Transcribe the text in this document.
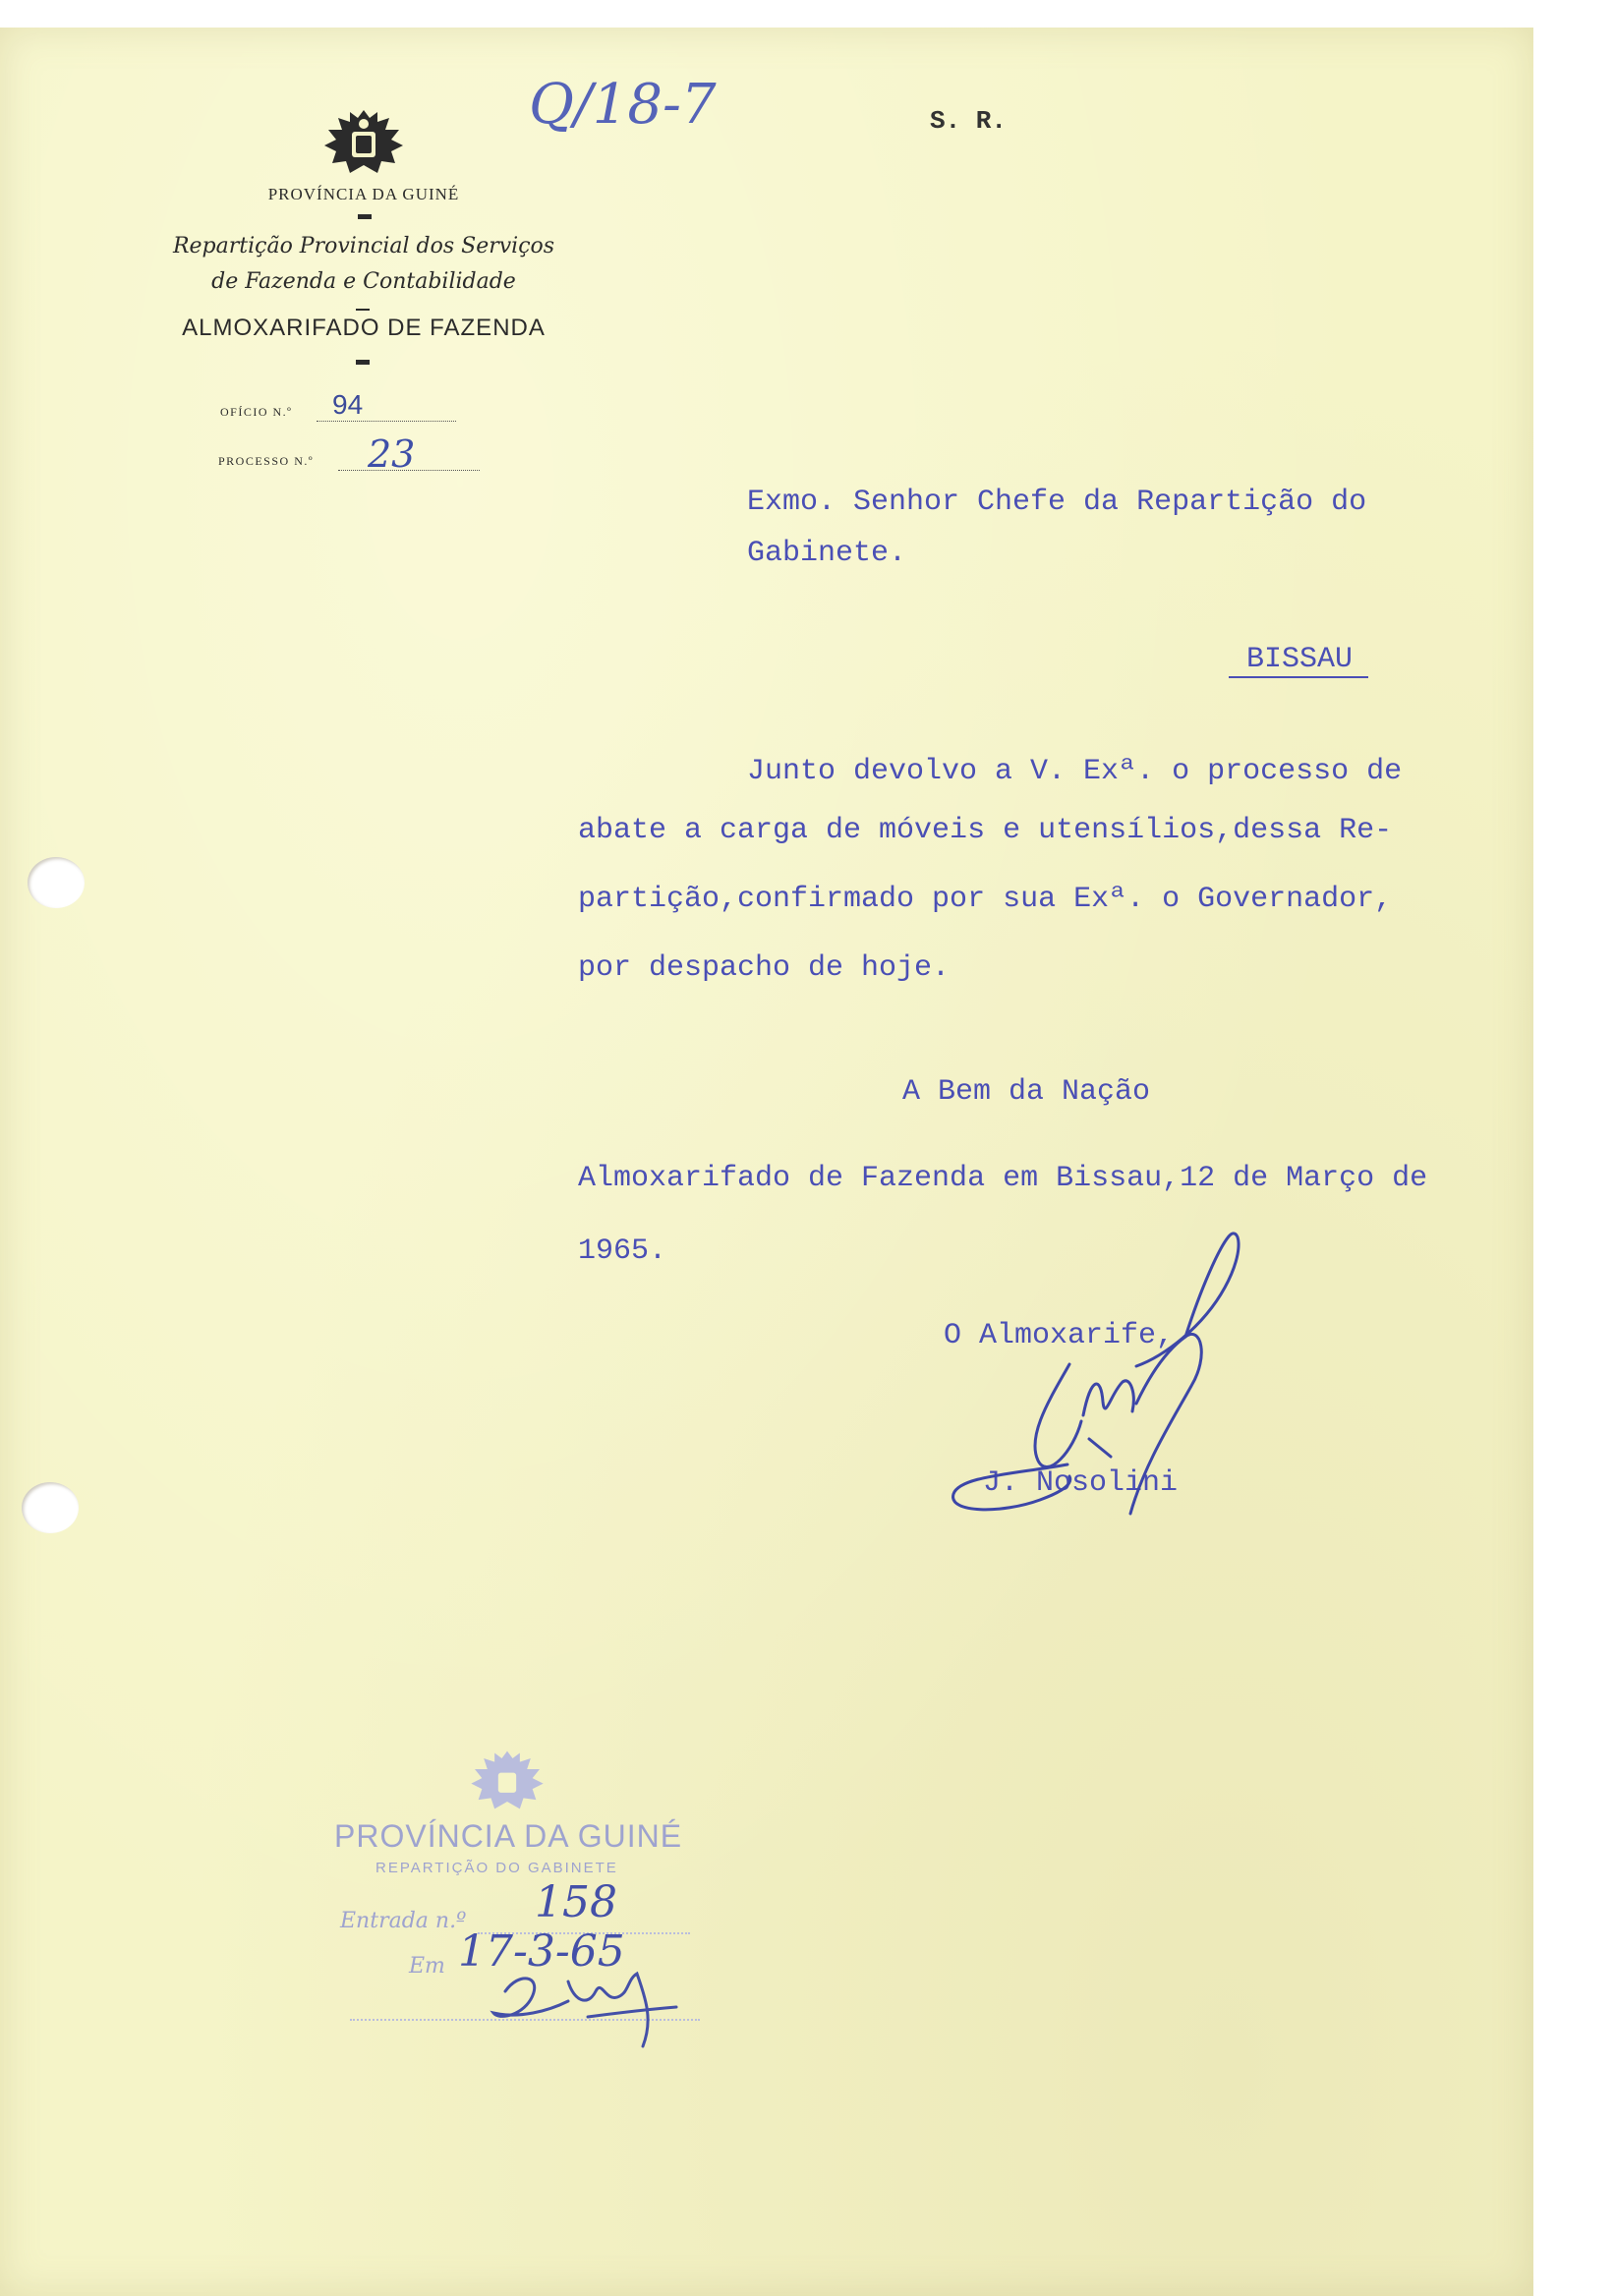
PROVÍNCIA DA GUINÉ
Repartição Provincial dos Serviços
de Fazenda e Contabilidade
ALMOXARIFADO DE FAZENDA
OFÍCIO N.º 94
PROCESSO N.º 23
Q/18-7	S. R.
Exmo. Senhor Chefe da Repartição do
Gabinete.
BISSAU
Junto devolvo a V. Exª. o processo de
abate a carga de móveis e utensílios,dessa Re-
partição,confirmado por sua Exª. o Governador,
por despacho de hoje.
A Bem da Nação
Almoxarifado de Fazenda em Bissau,12 de Março de
1965.
O Almoxarife,
J. Nosolini
PROVÍNCIA DA GUINÉ
REPARTIÇÃO DO GABINETE
Entrada n.º 158
Em 17-3-65
